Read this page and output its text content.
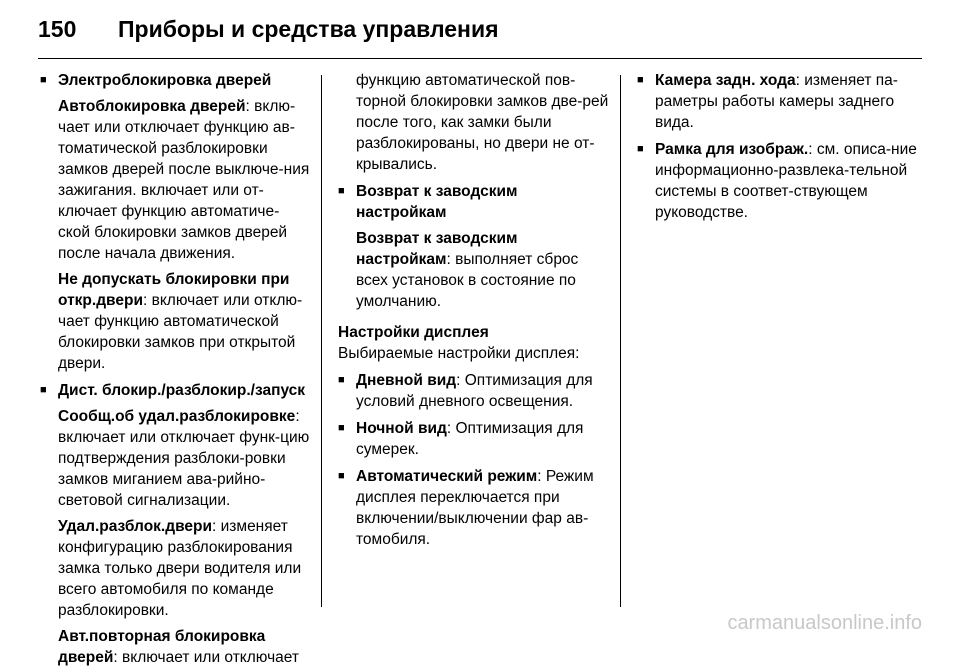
150 Приборы и средства управления
■ Электроблокировка дверей

Автоблокировка дверей: вклю-чает или отключает функцию ав-томатической разблокировки замков дверей после выключе-ния зажигания. включает или от-ключает функцию автоматиче-ской блокировки замков дверей после начала движения.

Не допускать блокировки при откр.двери: включает или отклю-чает функцию автоматической блокировки замков при открытой двери.

■ Дист. блокир./разблокир./запуск

Сообщ.об удал.разблокировке: включает или отключает функ-цию подтверждения разблоки-ровки замков миганием ава-рийно-световой сигнализации.

Удал.разблок.двери: изменяет конфигурацию разблокирования замка только двери водителя или всего автомобиля по команде разблокировки.

Авт.повторная блокировка дверей: включает или отключает

функцию автоматической пов-торной блокировки замков две-рей после того, как замки были разблокированы, но двери не от-крывались.

■ Возврат к заводским настройкам

Возврат к заводским настройкам: выполняет сброс всех установок в состояние по умолчанию.

Настройки дисплея

Выбираемые настройки дисплея:

■ Дневной вид: Оптимизация для условий дневного освещения.
■ Ночной вид: Оптимизация для сумерек.
■ Автоматический режим: Режим дисплея переключается при включении/выключении фар ав-томобиля.
■ Камера задн. хода: изменяет па-раметры работы камеры заднего вида.
■ Рамка для изображ.: см. описа-ние информационно-развлека-тельной системы в соответ-ствующем руководстве.
carmanualsonline.info
